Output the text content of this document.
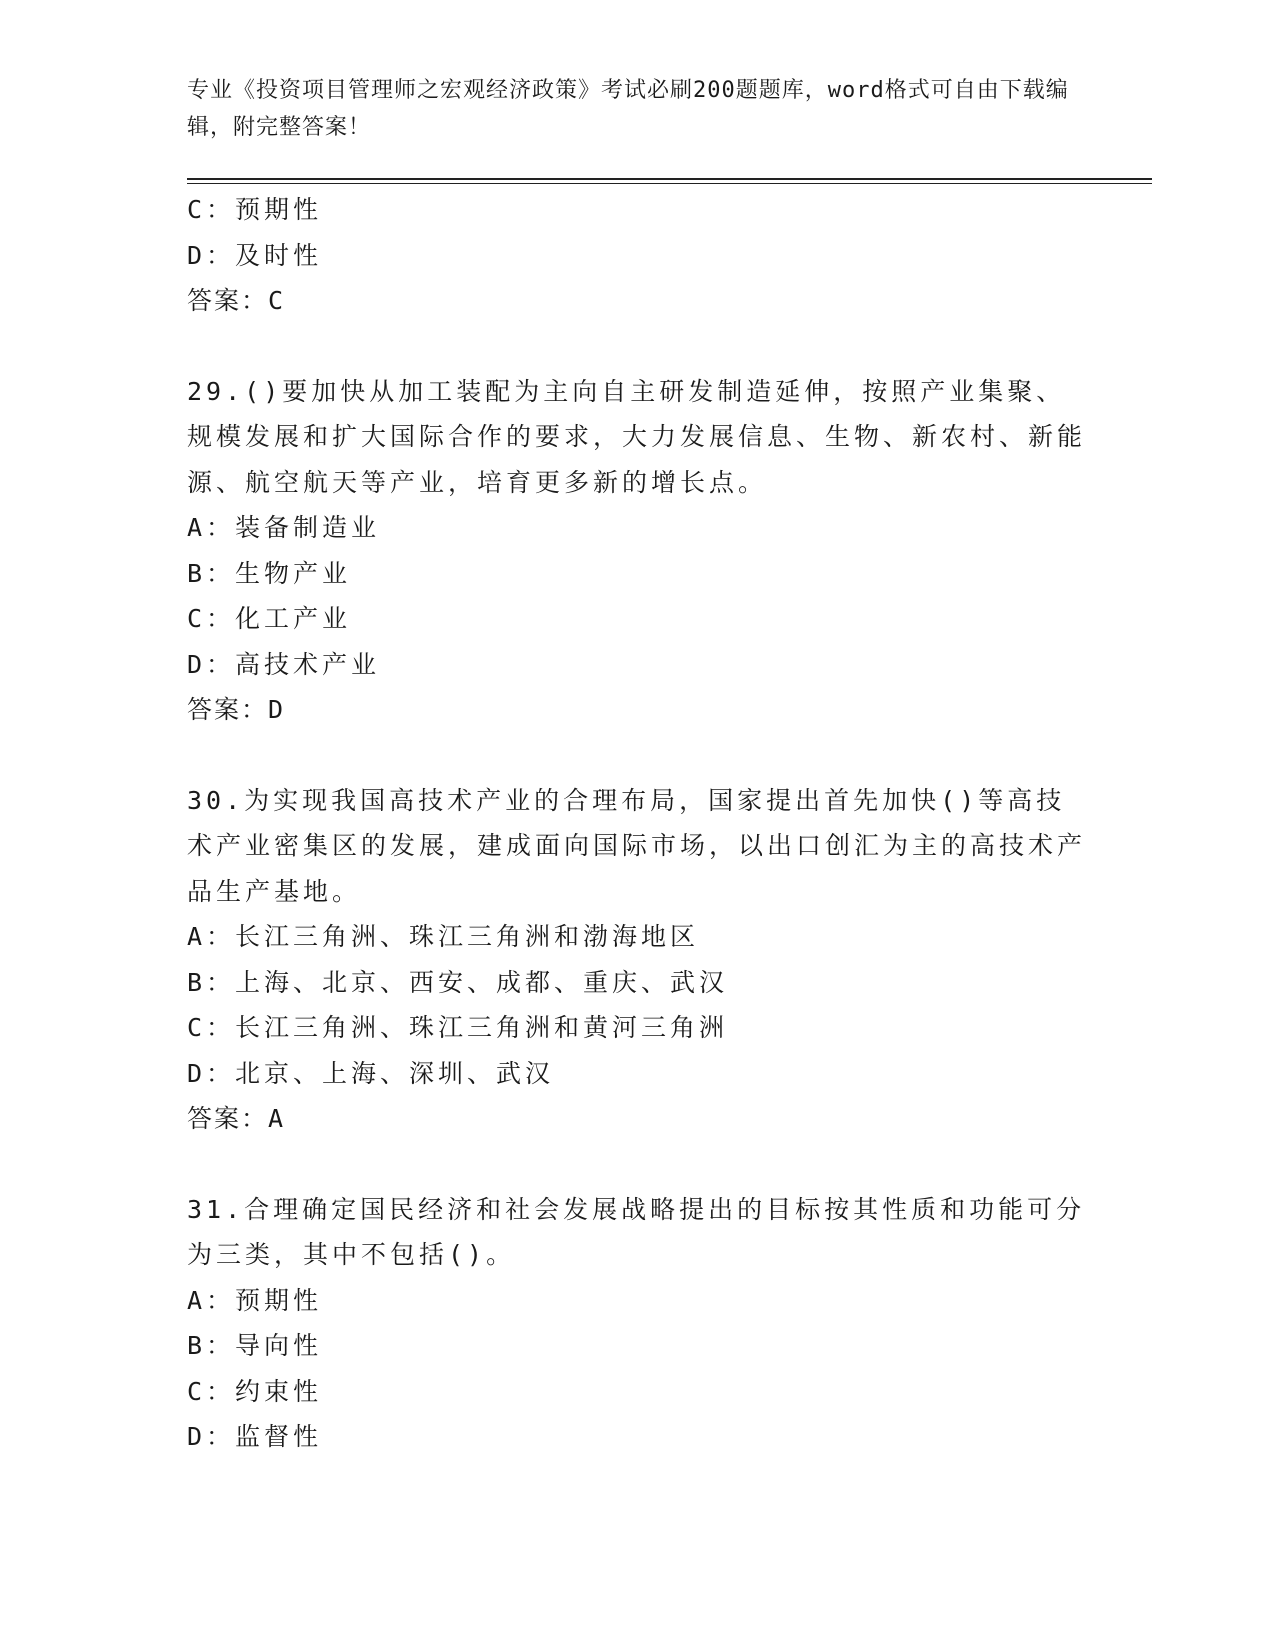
专业《投资项目管理师之宏观经济政策》考试必刷200题题库，word格式可自由下载编辑，附完整答案！
C：预期性
D：及时性
答案：C
29.()要加快从加工装配为主向自主研发制造延伸，按照产业集聚、规模发展和扩大国际合作的要求，大力发展信息、生物、新农村、新能源、航空航天等产业，培育更多新的增长点。
A：装备制造业
B：生物产业
C：化工产业
D：高技术产业
答案：D
30.为实现我国高技术产业的合理布局，国家提出首先加快()等高技术产业密集区的发展，建成面向国际市场，以出口创汇为主的高技术产品生产基地。
A：长江三角洲、珠江三角洲和渤海地区
B：上海、北京、西安、成都、重庆、武汉
C：长江三角洲、珠江三角洲和黄河三角洲
D：北京、上海、深圳、武汉
答案：A
31.合理确定国民经济和社会发展战略提出的目标按其性质和功能可分为三类，其中不包括()。
A：预期性
B：导向性
C：约束性
D：监督性
